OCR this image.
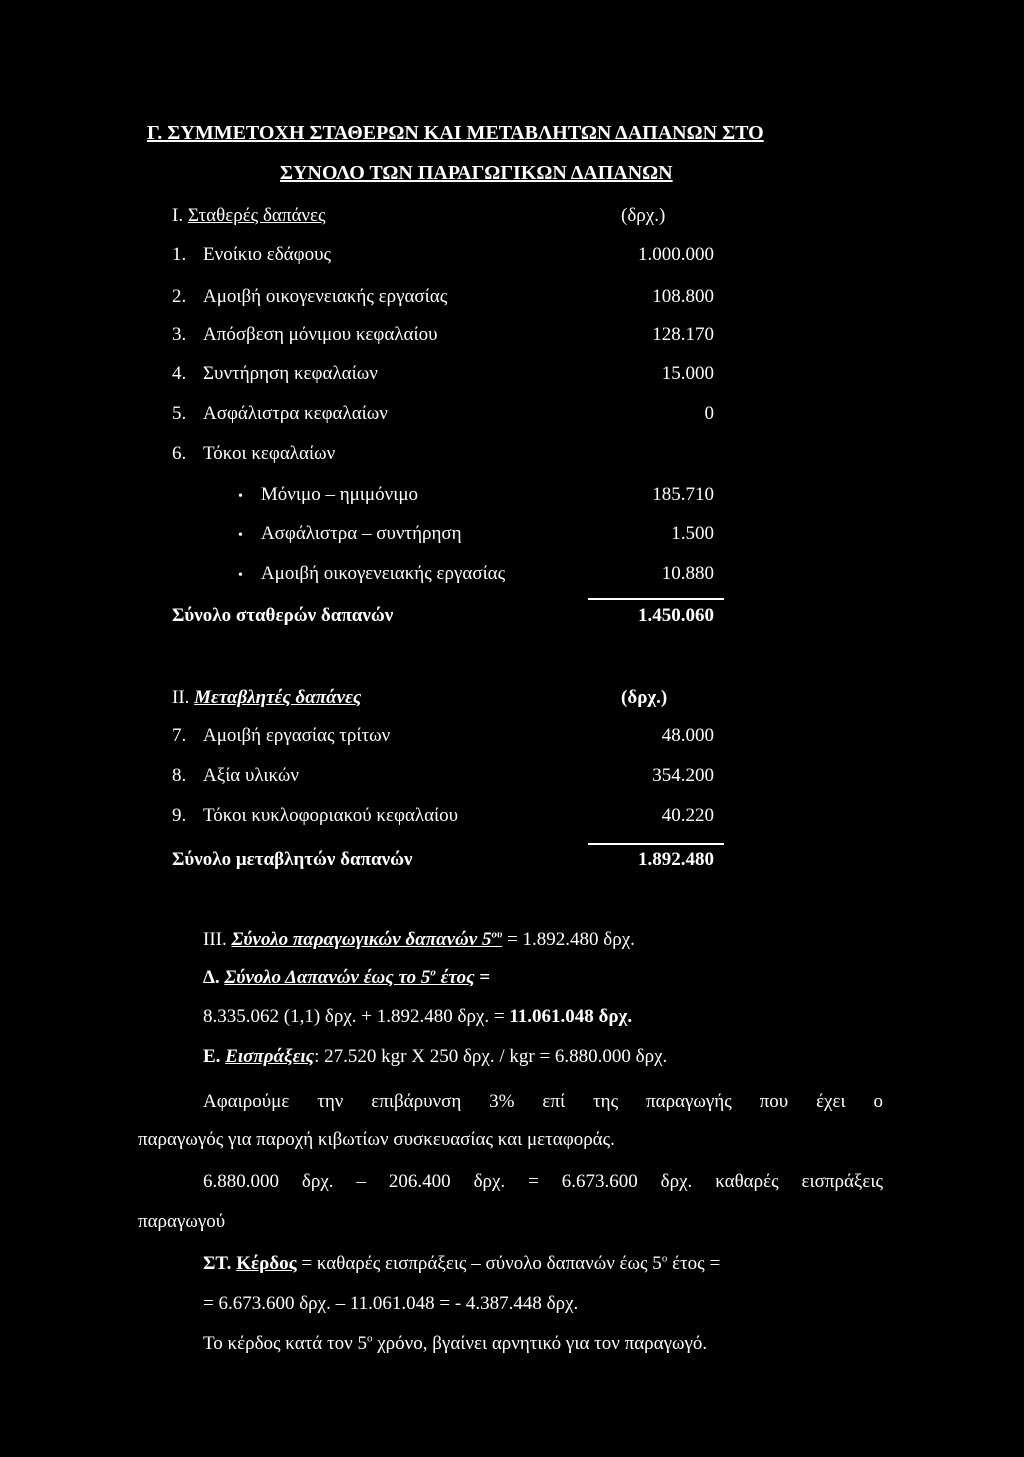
Γ. ΣΥΜΜΕΤΟΧΗ ΣΤΑΘΕΡΩΝ ΚΑΙ ΜΕΤΑΒΛΗΤΩΝ ΔΑΠΑΝΩΝ ΣΤΟ
ΣΥΝΟΛΟ ΤΩΝ ΠΑΡΑΓΩΓΙΚΩΝ ΔΑΠΑΝΩΝ
Ι. Σταθερές δαπάνες	(δρχ.)
1. Ενοίκιο εδάφους	1.000.000
2. Αμοιβή οικογενειακής εργασίας	108.800
3. Απόσβεση μόνιμου κεφαλαίου	128.170
4. Συντήρηση κεφαλαίων	15.000
5. Ασφάλιστρα κεφαλαίων	0
6. Τόκοι κεφαλαίων
• Μόνιμο – ημιμόνιμο	185.710
• Ασφάλιστρα – συντήρηση	1.500
• Αμοιβή οικογενειακής εργασίας	10.880
Σύνολο σταθερών δαπανών	1.450.060
ΙΙ. Μεταβλητές δαπάνες	(δρχ.)
7. Αμοιβή εργασίας τρίτων	48.000
8. Αξία υλικών	354.200
9. Τόκοι κυκλοφοριακού κεφαλαίου	40.220
Σύνολο μεταβλητών δαπανών	1.892.480
ΙΙΙ. Σύνολο παραγωγικών δαπανών $5^{o\upsilon} = 1.892.480$ δρχ.
Δ. Σύνολο Δαπανών έως το $5^o$ έτος =
8.335.062 (1,1) δρχ. + 1.892.480 δρχ. = 11.061.048 δρχ.
Ε. Εισπράξεις: 27.520 kgr X 250 δρχ. / kgr = 6.880.000 δρχ.
Αφαιρούμε την επιβάρυνση 3% επί της παραγωγής που έχει ο
παραγωγός για παροχή κιβωτίων συσκευασίας και μεταφοράς.
6.880.000 δρχ. – 206.400 δρχ. = 6.673.600 δρχ. καθαρές εισπράξεις
παραγωγού
ΣΤ. Κέρδος = καθαρές εισπράξεις – σύνολο δαπανών έως $5^o$ έτος =
= 6.673.600 δρχ. – 11.061.048 = - 4.387.448 δρχ.
Το κέρδος κατά τον $5^o$ χρόνο, βγαίνει αρνητικό για τον παραγωγό.
